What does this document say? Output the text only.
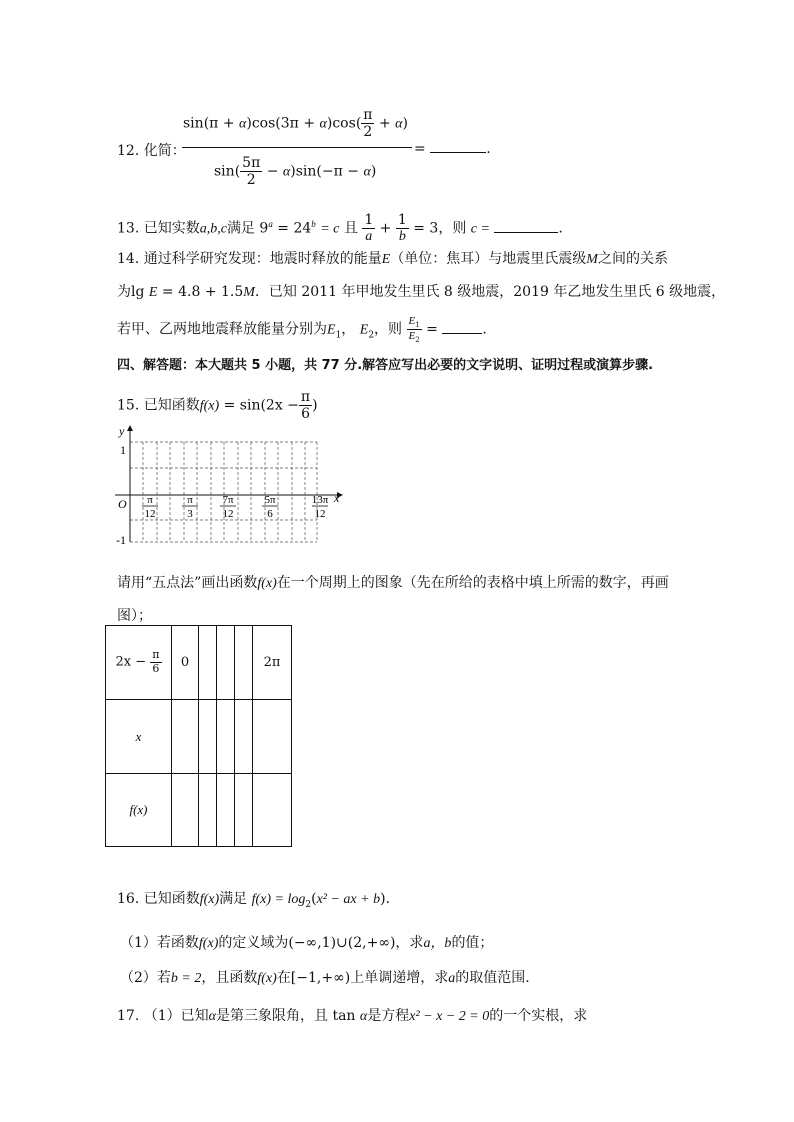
12. 化简：
$\sin(\pi + \alpha)\cos(3\pi + \alpha)\cos( \frac{\pi}{2} + \alpha)$
$\sin( \frac{5\pi}{2} - \alpha)\sin(-\pi - \alpha)$
=	.
13. 已知实数a,b,c满足 $9^a = 24^b = c$ 且 $\frac{1}{a} + \frac{1}{b} = 3$，则 c =	.
14. 通过科学研究发现：地震时释放的能量E（单位：焦耳）与地震里氏震级M之间的关系
为lg E = 4.8 + 1.5M．已知 2011 年甲地发生里氏 8 级地震，2019 年乙地发生里氏 6 级地震，
若甲、乙两地地震释放能量分别为$E_1$， $E_2$，则 $\frac{E_1}{E_2}$ =	.
四、解答题：本大题共 5 小题，共 77 分.解答应写出必要的文字说明、证明过程或演算步骤.
15. 已知函数$f(x) = \sin(2x - \frac{\pi}{6}$ )
y
x
O
1
-1
π
12
π
3
7π
12
5π
6
13π
12
请用“五点法”画出函数f(x)在一个周期上的图象（先在所给的表格中填上所需的数字，再画
图）；
$2x - \frac{\pi}{6}$	0				2π
x					
f(x)					
16. 已知函数f(x)满足 $f(x) = \log_2(x^2$ − ax + b).
（1）若函数f(x)的定义域为(−∞,1)∪(2,+∞)，求a，b的值；
（2）若b = 2，且函数f(x)在[−1,+∞)上单调递增，求a的取值范围.
17. （1）已知α是第三象限角，且 tan α是方程x² − x − 2 = 0的一个实根，求
